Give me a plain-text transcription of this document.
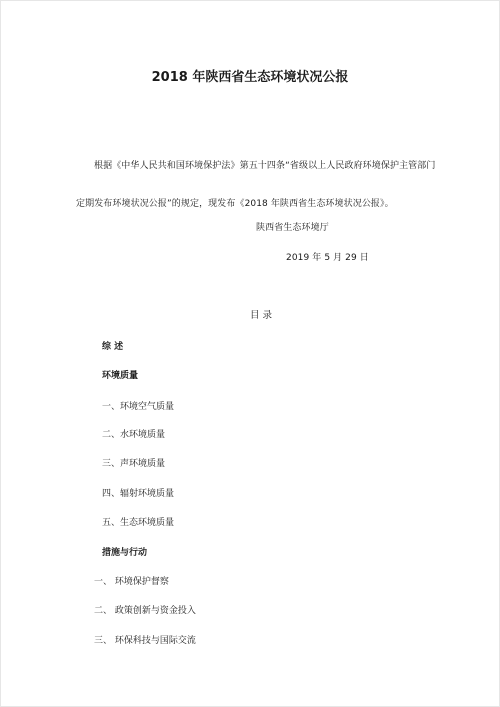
2018 年陕西省生态环境状况公报
根据《中华人民共和国环境保护法》第五十四条“省级以上人民政府环境保护主管部门
定期发布环境状况公报”的规定，现发布《2018 年陕西省生态环境状况公报》。
陕西省生态环境厅
2019 年 5 月 29 日
目 录
综 述
环境质量
一、环境空气质量
二、水环境质量
三、声环境质量
四、辐射环境质量
五、生态环境质量
措施与行动
一、 环境保护督察
二、 政策创新与资金投入
三、 环保科技与国际交流
